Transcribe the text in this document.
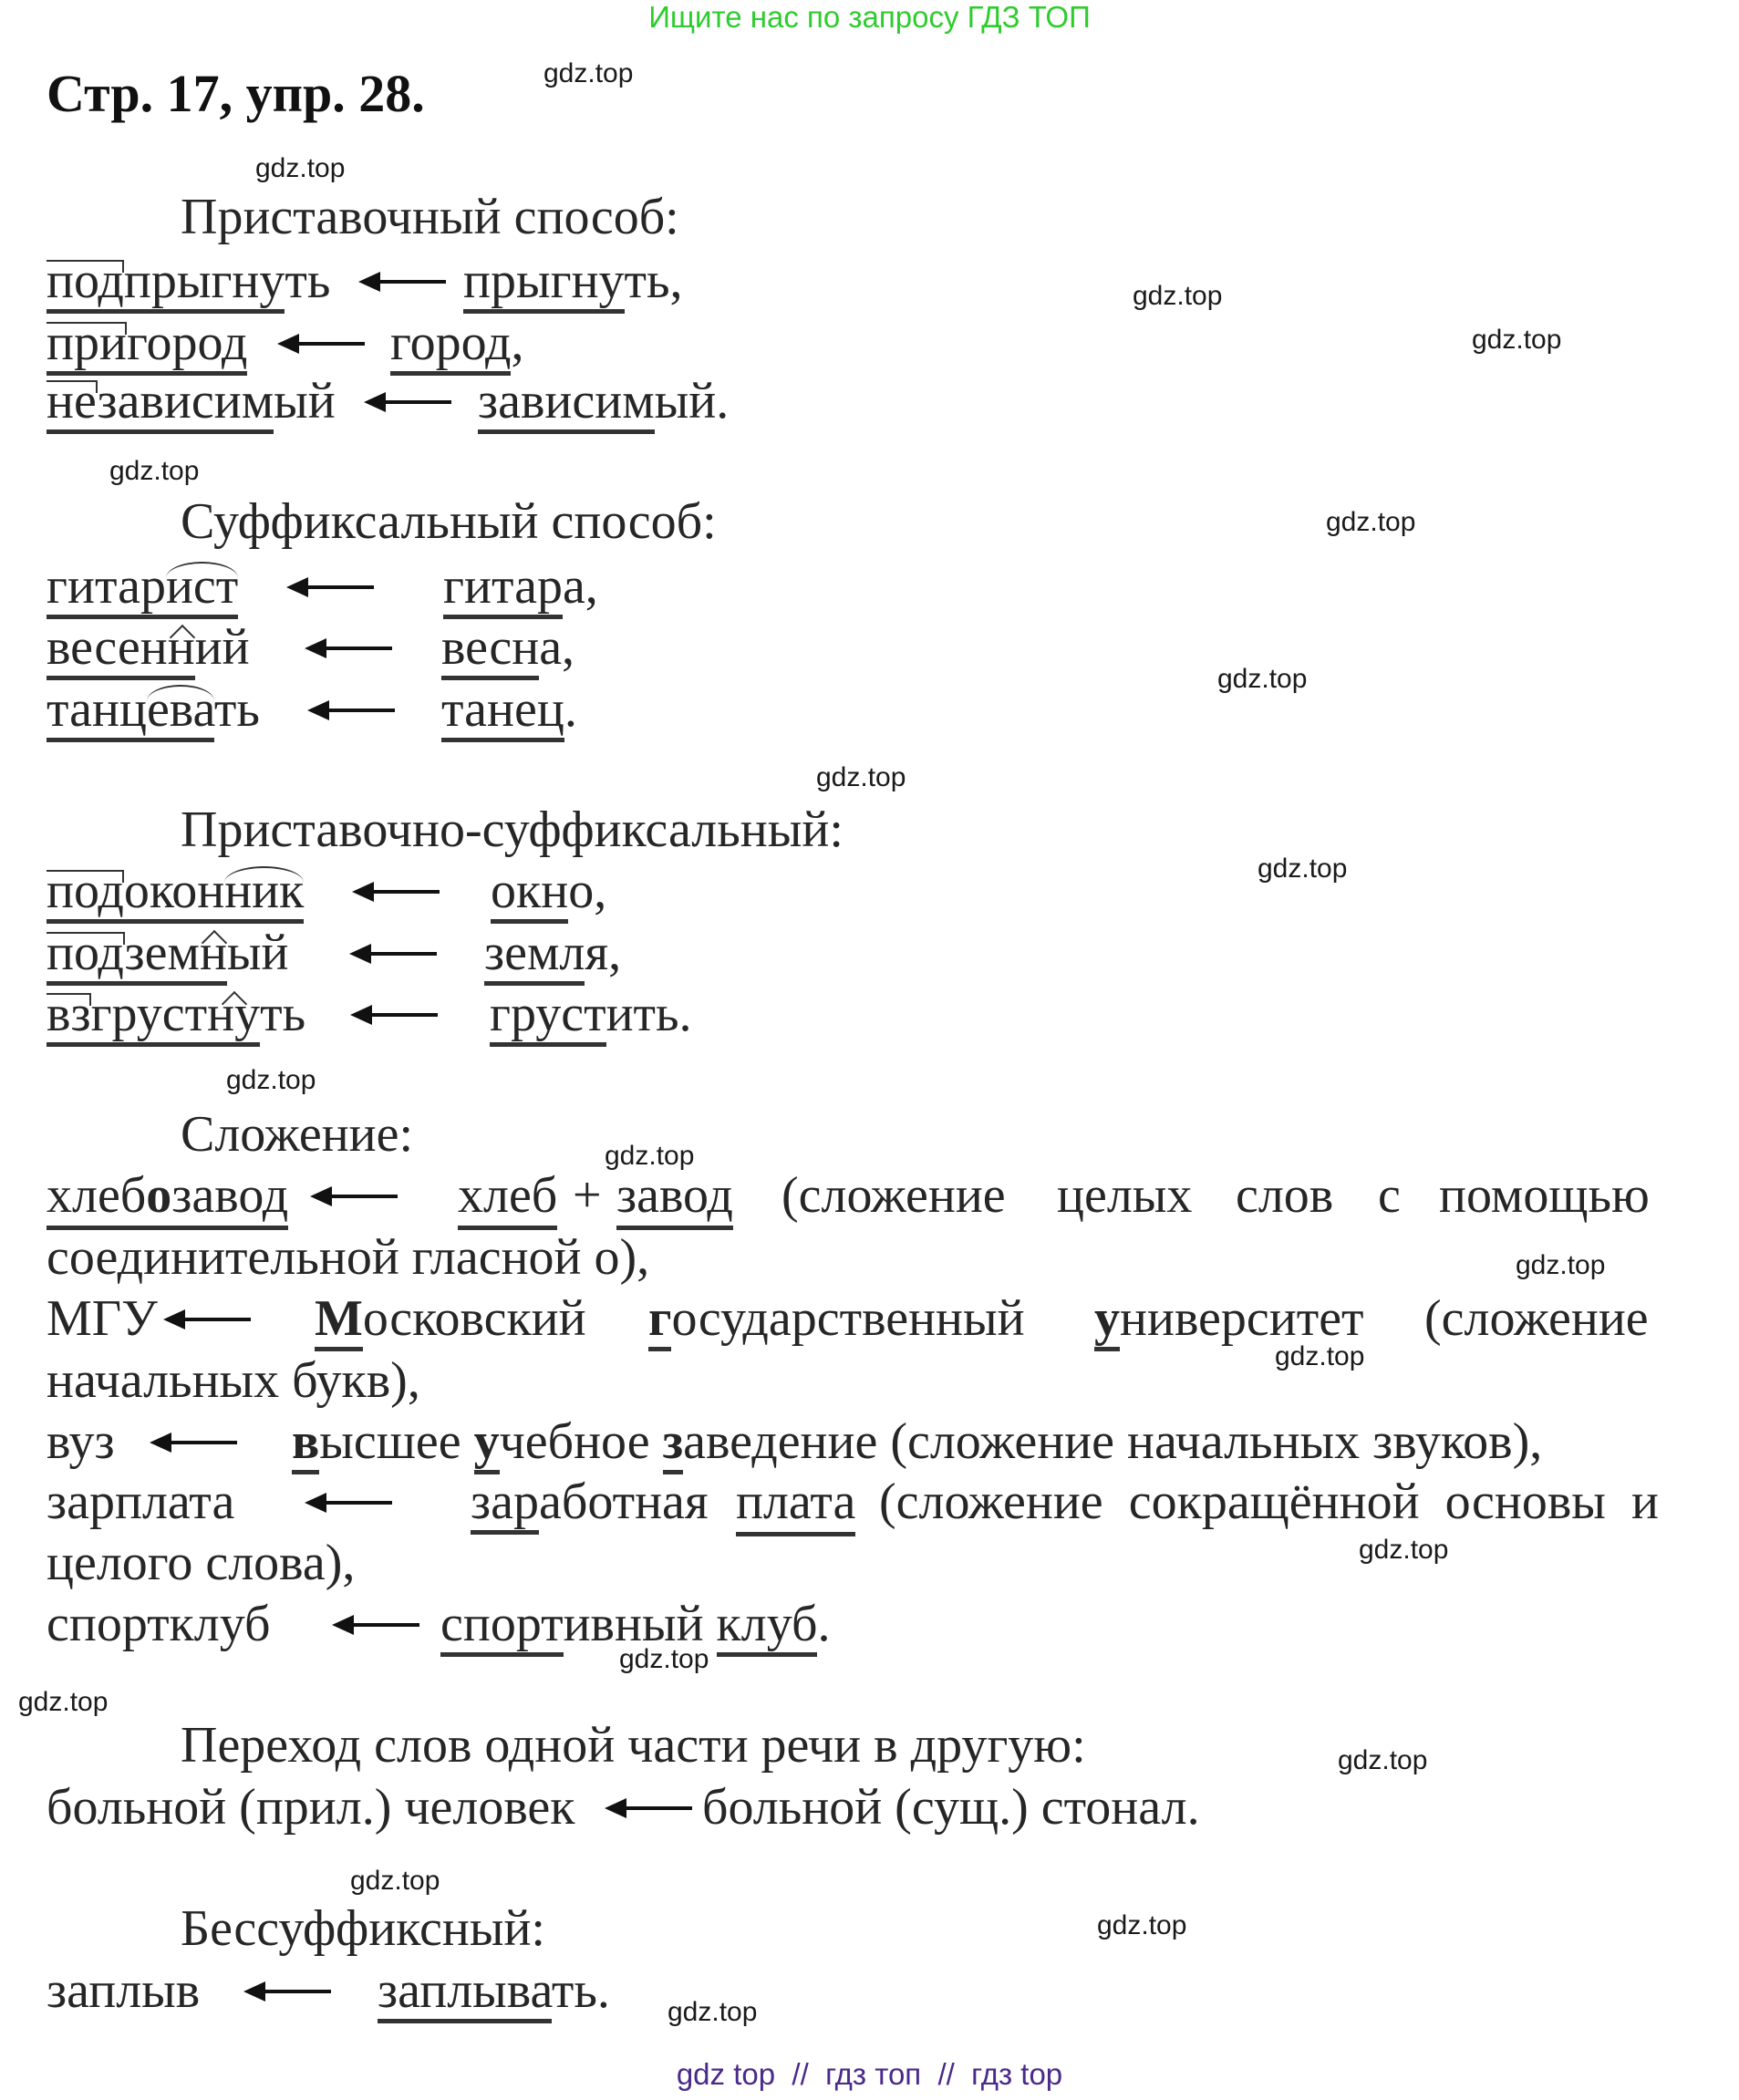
Ищите нас по запросу ГДЗ ТОП
Стр. 17, упр. 28.	gdz.top
gdz.top
gdz.top
gdz.top
gdz.top
gdz.top
gdz.top
gdz.top
gdz.top
gdz.top
gdz.top
gdz.top
gdz.top
gdz.top
gdz.top
gdz.top
gdz.top
gdz.top
gdz.top
gdz.top
Приставочный способ:
подпрыгнуть	прыгнуть,
пригород	город,
независимый	зависимый.
Суффиксальный способ:
гитарист	гитара,
весенний	весна,
танцевать	танец.
Приставочно-суффиксальный:
подоконник	окно,
подземный	земля,
взгрустнуть	грустить.
Сложение:
хлебозавод	хлеб + завод (сложение целых слов с помощью
соединительной гласной о),
МГУ	Московский государственный университет (сложение
начальных букв),
вуз	высшее учебное заведение (сложение начальных звуков),
зарплата	заработная плата (сложение сокращённой основы и
целого слова),
спортклуб	спортивный клуб.
Переход слов одной части речи в другую:
больной (прил.) человек больной (сущ.) стонал.
Бессуффиксный:
заплыв	заплывать.
gdz top  //  гдз топ  //  гдз top
